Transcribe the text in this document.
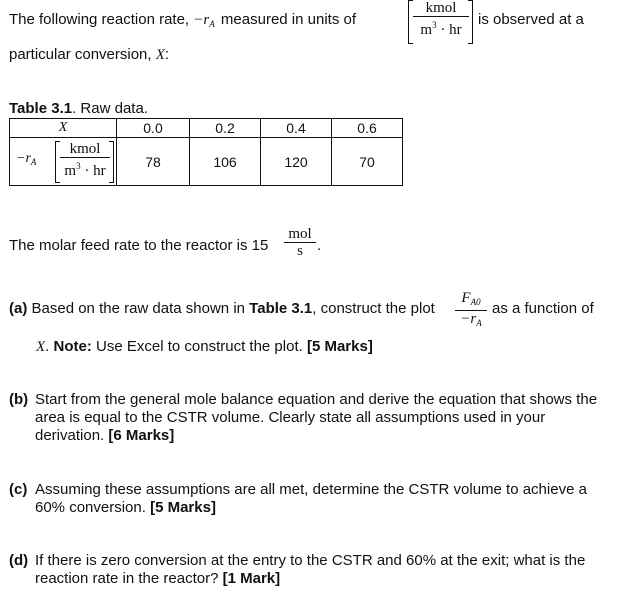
The following reaction rate, $-r_A$ measured in units of
kmol
$m^3$ · hr
is observed at a
particular conversion, X:
Table 3.1. Raw data.
X	0.0	0.2	0.4	0.6

$-r_A$
kmol
$m^3$ · hr	78	106	120	70
The molar feed rate to the reactor is 15
mol
s .
(a) Based on the raw data shown in Table 3.1, construct the plot $\frac{F_{A0}}{-r_A}$ as a function of
X. Note: Use Excel to construct the plot. [5 Marks]
(b) Start from the general mole balance equation and derive the equation that shows the area is equal to the CSTR volume. Clearly state all assumptions used in your derivation. [6 Marks]
(c) Assuming these assumptions are all met, determine the CSTR volume to achieve a 60% conversion. [5 Marks]
(d) If there is zero conversion at the entry to the CSTR and 60% at the exit; what is the reaction rate in the reactor? [1 Mark]
